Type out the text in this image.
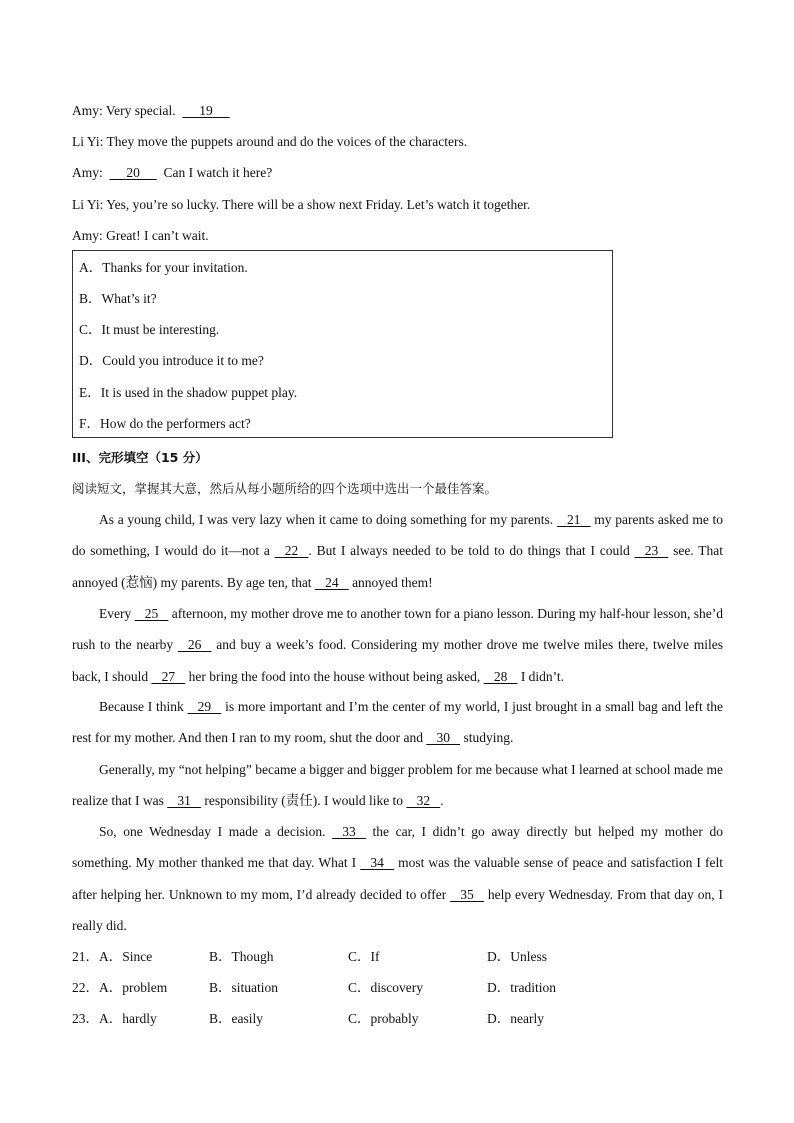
Amy: Very special. 19
Li Yi: They move the puppets around and do the voices of the characters.
Amy: 20 Can I watch it here?
Li Yi: Yes, you’re so lucky. There will be a show next Friday. Let’s watch it together.
Amy: Great! I can’t wait.
A．Thanks for your invitation.
B．What’s it?
C．It must be interesting.
D．Could you introduce it to me?
E．It is used in the shadow puppet play.
F．How do the performers act?
III、完形填空（15 分）
阅读短文，掌握其大意，然后从每小题所给的四个选项中选出一个最佳答案。
As a young child, I was very lazy when it came to doing something for my parents.    21    my parents asked me to do something, I would do it—not a    22   . But I always needed to be told to do things that I could    23    see. That annoyed (惹恼) my parents. By age ten, that    24    annoyed them!
Every    25    afternoon, my mother drove me to another town for a piano lesson. During my half-hour lesson, she’d rush to the nearby    26    and buy a week’s food. Considering my mother drove me twelve miles there, twelve miles back, I should    27    her bring the food into the house without being asked,    28    I didn’t.
Because I think    29    is more important and I’m the center of my world, I just brought in a small bag and left the rest for my mother. And then I ran to my room, shut the door and    30    studying.
Generally, my “not helping” became a bigger and bigger problem for me because what I learned at school made me realize that I was    31    responsibility (责任). I would like to    32   .
So, one Wednesday I made a decision.    33    the car, I didn’t go away directly but helped my mother do something. My mother thanked me that day. What I    34    most was the valuable sense of peace and satisfaction I felt after helping her. Unknown to my mom, I’d already decided to offer    35    help every Wednesday. From that day on, I really did.
21．A．Since	B．Though	C．If	D．Unless
22．A．problem	B．situation	C．discovery	D．tradition
23．A．hardly	B．easily	C．probably	D．nearly
